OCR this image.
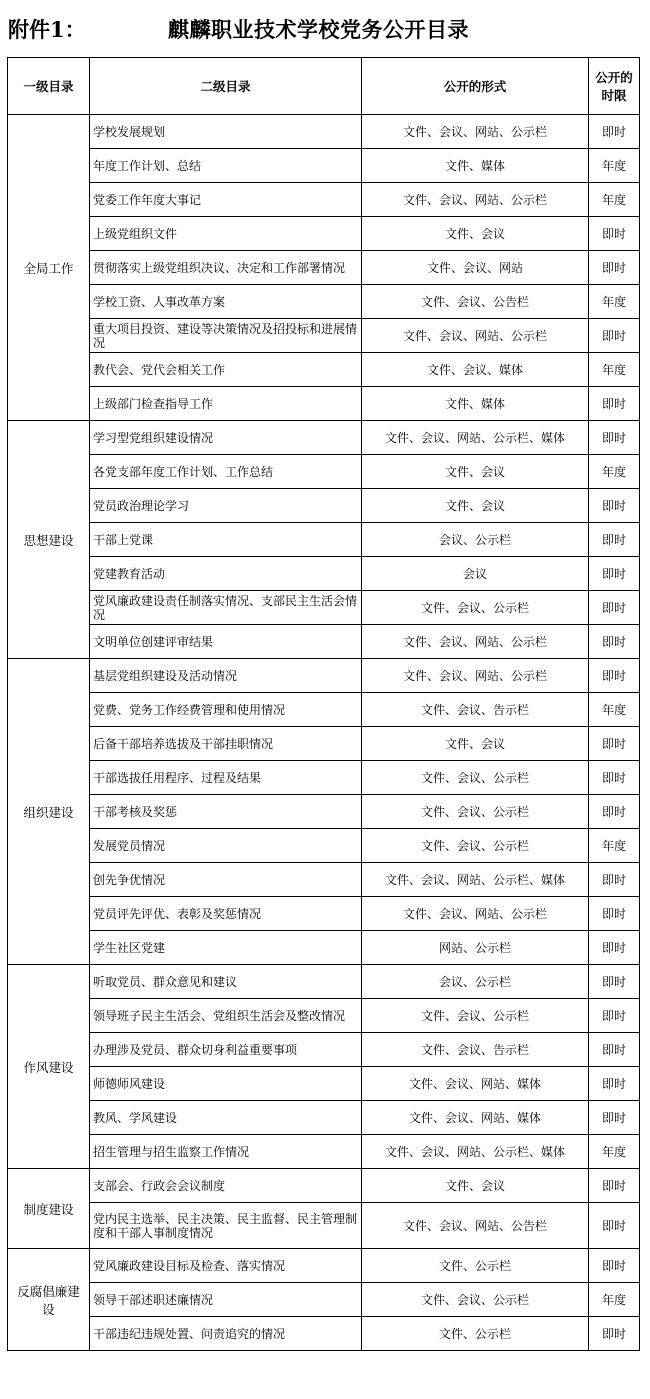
附件1：	麒麟职业技术学校党务公开目录
一级目录	二级目录	公开的形式	公开的
时限
全局工作	学校发展规划	文件、会议、网站、公示栏	即时
	年度工作计划、总结	文件、媒体	年度
	党委工作年度大事记	文件、会议、网站、公示栏	年度
	上级党组织文件	文件、会议	即时
	贯彻落实上级党组织决议、决定和工作部署情况	文件、会议、网站	即时
	学校工资、人事改革方案	文件、会议、公告栏	年度
	重大项目投资、建设等决策情况及招投标和进展情况	文件、会议、网站、公示栏	即时
	教代会、党代会相关工作	文件、会议、媒体	年度
	上级部门检查指导工作	文件、媒体	即时
思想建设	学习型党组织建设情况	文件、会议、网站、公示栏、媒体	即时
	各党支部年度工作计划、工作总结	文件、会议	年度
	党员政治理论学习	文件、会议	即时
	干部上党课	会议、公示栏	即时
	党建教育活动	会议	即时
	党风廉政建设责任制落实情况、支部民主生活会情况	文件、会议、公示栏	即时
	文明单位创建评审结果	文件、会议、网站、公示栏	即时
组织建设	基层党组织建设及活动情况	文件、会议、网站、公示栏	即时
	党费、党务工作经费管理和使用情况	文件、会议、告示栏	年度
	后备干部培养选拔及干部挂职情况	文件、会议	即时
	干部选拔任用程序、过程及结果	文件、会议、公示栏	即时
	干部考核及奖惩	文件、会议、公示栏	即时
	发展党员情况	文件、会议、公示栏	年度
	创先争优情况	文件、会议、网站、公示栏、媒体	即时
	党员评先评优、表彰及奖惩情况	文件、会议、网站、公示栏	即时
	学生社区党建	网站、公示栏	即时
作风建设	听取党员、群众意见和建议	会议、公示栏	即时
	领导班子民主生活会、党组织生活会及整改情况	文件、会议、公示栏	即时
	办理涉及党员、群众切身利益重要事项	文件、会议、告示栏	即时
	师德师风建设	文件、会议、网站、媒体	即时
	教风、学风建设	文件、会议、网站、媒体	即时
	招生管理与招生监察工作情况	文件、会议、网站、公示栏、媒体	年度
制度建设	支部会、行政会会议制度	文件、会议	即时
	党内民主选举、民主决策、民主监督、民主管理制度和干部人事制度情况	文件、会议、网站、公告栏	即时
反腐倡廉建设	党风廉政建设目标及检查、落实情况	文件、公示栏	即时
	领导干部述职述廉情况	文件、会议、公示栏	年度
	干部违纪违规处置、问责追究的情况	文件、公示栏	即时
